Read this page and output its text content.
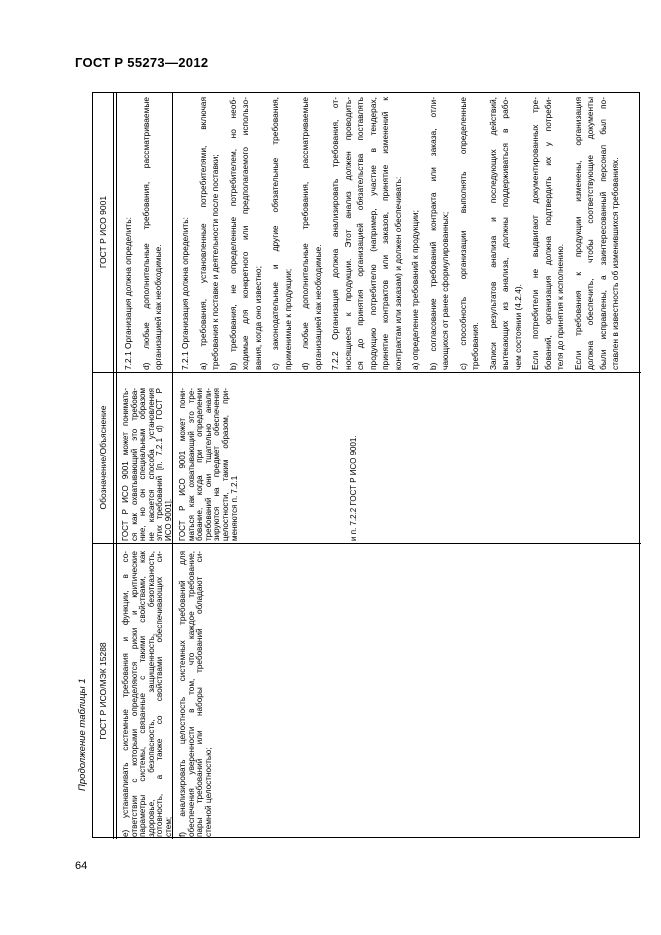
ГОСТ Р 55273—2012
Продолжение таблицы 1
ГОСТ Р ИСО 9001
Обозначение/Объяснение
ГОСТ Р ИСО/МЭК 15288
7.2.1 Организация должна определить: d) любые дополнительные требования, рассматриваемые организацией как необходимые.
ГОСТ Р ИСО 9001 может понимать- ся как охватывающий это требова- ние, но он специальным образом не касается способа установления этих требований [п. 7.2.1 d) ГОСТ Р ИСО 9001].
е) устанавливать системные требования и функции, в со- ответствии с которыми определяются риски и критические параметры системы, связанные с такими свойствами, как здоровье, безопасность, защищенность, безотказность, готовность, а также со свойствами обеспечивающих си- стем;
7.2.1 Организация должна определить: а) требования, установленные потребителями, включая требования к поставке и деятельности после поставки; b) требования, не определенные потребителем, но необ- ходимые для конкретного или предполагаемого использо- вания, когда оно известно; c) законодательные и другие обязательные требования, применимые к продукции; d) любые дополнительные требования, рассматриваемые организацией как необходимые. 7.2.2 Организация должна анализировать требования, от- носящиеся к продукции. Этот анализ должен проводить- ся до принятия организацией обязательства поставлять продукцию потребителю (например, участие в тендерах, принятие контрактов или заказов, принятие изменений к контрактам или заказам) и должен обеспечивать: а) определение требований к продукции; b) согласование требований контракта или заказа, отли- чающихся от ранее сформулированных; c) способность организации выполнять определенные требования. Записи результатов анализа и последующих действий, вытекающих из анализа, должны поддерживаться в рабо- чем состоянии (4.2.4). Если потребители не выдвигают документированных тре- бований, организация должна подтвердить их у потреби- теля до принятия к исполнению. Если требования к продукции изменены, организация должна обеспечить, чтобы соответствующие документы были исправлены, а заинтересованный персонал был по- ставлен в известность об изменившихся требованиях.
ГОСТ Р ИСО 9001 может пони- маться как охватывающий это тре- бование, когда при определении требований они тщательно анали- зируются на предмет обеспечения целостности, таким образом, при- меняются п. 7.2.1	и п. 7.2.2 ГОСТ Р ИСО 9001.
f) анализировать целостность системных требований для обеспечения уверенности в том, что каждое требование, пары требований или наборы требований обладают си- стемной целостностью;
64
